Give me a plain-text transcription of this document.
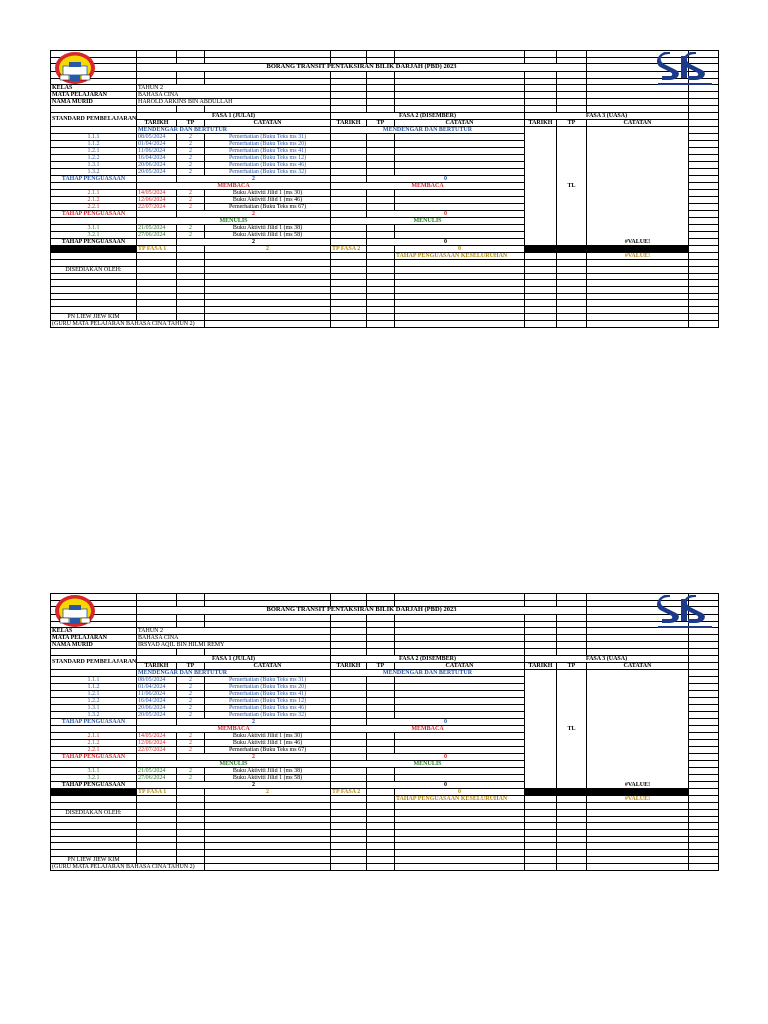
	BORANG TRANSIT PENTAKSIRAN BILIK DARJAH (PBD) 2023									

KELAS	TAHUN 2									
MATA PELAJARAN	BAHASA CINA									
NAMA MURID	HAROLD ARKINS BIN ABDULLAH									

STANDARD PEMBELAJARAN	FASA 1 (JULAI)			FASA 2 (DISEMBER)			FASA 3 (UASA)			
	TARIKH	TP	CATATAN	TARIKH	TP	CATATAN	TARIKH	TP	CATATAN	
	MENDENGAR DAN BERTUTUR			MENDENGAR DAN BERTUTUR				TL	#VALUE!	

1.1.1	08/05/2024	2	Pemerhatian (Buku Teks ms 31)							
1.1.2	01/04/2024	2	Pemerhatian (Buku Teks ms 20)							
1.2.1	11/06/2024	2	Pemerhatian (Buku Teks ms 41)							
1.2.2	16/04/2024	2	Pemerhatian (Buku Teks ms 12)							
1.3.1	20/06/2024	2	Pemerhatian (Buku Teks ms 46)							
1.3.2	20/05/2024	2	Pemerhatian (Buku Teks ms 32)							
TAHAP PENGUASAAN		2			0					
	MEMBACA			MEMBACA						
2.1.1	14/05/2024	2	Buku Aktiviti Jilid 1 (ms 30)							
2.1.2	12/06/2024	2	Buku Aktiviti Jilid 1 (ms 46)							
2.2.1	22/07/2024	2	Pemerhatian (Buku Teks ms 67)							
TAHAP PENGUASAAN		2			0					
	MENULIS			MENULIS						
3.1.1	21/05/2024	2	Buku Aktiviti Jilid 1 (ms 38)							
3.2.1	27/06/2024	2	Buku Aktiviti Jilid 1 (ms 58)							
TAHAP PENGUASAAN		2			0					
	TP FASA 1		2	TP FASA 2		0				
						TAHAP PENGUASAAN KESELURUHAN			#VALUE!	

DISEDIAKAN OLEH:										

PN LIEW JIEW KIM										
(GURU MATA PELAJARAN BAHASA CINA TAHUN 2)										

	BORANG TRANSIT PENTAKSIRAN BILIK DARJAH (PBD) 2023									

KELAS	TAHUN 2									
MATA PELAJARAN	BAHASA CINA									
NAMA MURID	IRSYAD AQIL BIN HILMI REMY									

STANDARD PEMBELAJARAN	FASA 1 (JULAI)			FASA 2 (DISEMBER)			FASA 3 (UASA)			
	TARIKH	TP	CATATAN	TARIKH	TP	CATATAN	TARIKH	TP	CATATAN	
	MENDENGAR DAN BERTUTUR			MENDENGAR DAN BERTUTUR				TL	#VALUE!	

1.1.1	08/05/2024	2	Pemerhatian (Buku Teks ms 31)							
1.1.2	01/04/2024	2	Pemerhatian (Buku Teks ms 20)							
1.2.1	11/06/2024	2	Pemerhatian (Buku Teks ms 41)							
1.2.2	16/04/2024	2	Pemerhatian (Buku Teks ms 12)							
1.3.1	20/06/2024	2	Pemerhatian (Buku Teks ms 46)							
1.3.2	20/05/2024	2	Pemerhatian (Buku Teks ms 32)							
TAHAP PENGUASAAN		2			0					
	MEMBACA			MEMBACA						
2.1.1	14/05/2024	2	Buku Aktiviti Jilid 1 (ms 30)							
2.1.2	12/06/2024	2	Buku Aktiviti Jilid 1 (ms 46)							
2.2.1	22/07/2024	2	Pemerhatian (Buku Teks ms 67)							
TAHAP PENGUASAAN		2			0					
	MENULIS			MENULIS						
3.1.1	21/05/2024	2	Buku Aktiviti Jilid 1 (ms 38)							
3.2.1	27/06/2024	2	Buku Aktiviti Jilid 1 (ms 58)							
TAHAP PENGUASAAN		2			0					
	TP FASA 1		2	TP FASA 2		0				
						TAHAP PENGUASAAN KESELURUHAN			#VALUE!	

DISEDIAKAN OLEH:										

PN LIEW JIEW KIM										
(GURU MATA PELAJARAN BAHASA CINA TAHUN 2)										
